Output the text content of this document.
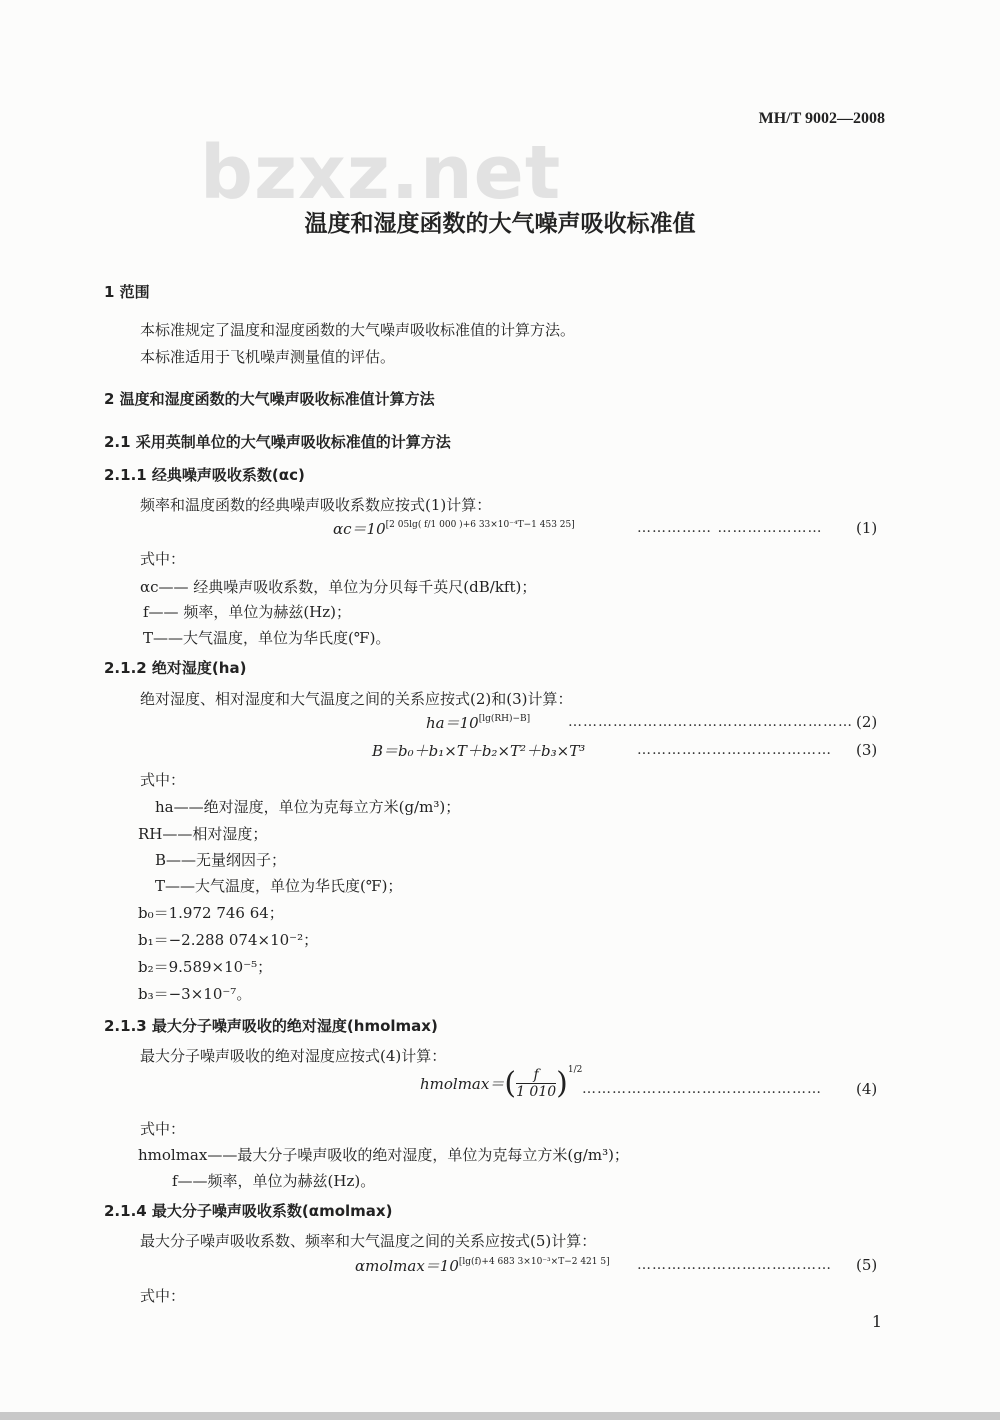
MH/T 9002—2008
bzxz.net
温度和湿度函数的大气噪声吸收标准值
1 范围
本标准规定了温度和湿度函数的大气噪声吸收标准值的计算方法。
本标准适用于飞机噪声测量值的评估。
2 温度和湿度函数的大气噪声吸收标准值计算方法
2.1 采用英制单位的大气噪声吸收标准值的计算方法
2.1.1 经典噪声吸收系数(αc)
频率和温度函数的经典噪声吸收系数应按式(1)计算：
αc＝10[2 05lg( f/1 000 )+6 33×10⁻⁴T−1 453 25]	…………… ………………… (1)
式中：
αc—— 经典噪声吸收系数，单位为分贝每千英尺(dB/kft)；
f—— 频率，单位为赫兹(Hz)；
T——大气温度，单位为华氏度(℉)。
2.1.2 绝对湿度(ha)
绝对湿度、相对湿度和大气温度之间的关系应按式(2)和(3)计算：
ha＝10[lg(RH)−B]	………………………………………………… (2)
B＝b₀＋b₁×T＋b₂×T²＋b₃×T³	………………………………… (3)
式中：
ha——绝对湿度，单位为克每立方米(g/m³)；
RH——相对湿度；
B——无量纲因子；
T——大气温度，单位为华氏度(℉)；
b₀＝1.972 746 64；
b₁＝−2.288 074×10⁻²；
b₂＝9.589×10⁻⁵；
b₃＝−3×10⁻⁷。
2.1.3 最大分子噪声吸收的绝对湿度(hmolmax)
最大分子噪声吸收的绝对湿度应按式(4)计算：
hmolmax＝( $\frac{f}{1 010} )^{1/2}$
………………………………………… (4)
式中：
hmolmax——最大分子噪声吸收的绝对湿度，单位为克每立方米(g/m³)；
f——频率，单位为赫兹(Hz)。
2.1.4 最大分子噪声吸收系数(αmolmax)
最大分子噪声吸收系数、频率和大气温度之间的关系应按式(5)计算：
αmolmax＝10[lg(f)+4 683 3×10⁻³×T−2 421 5] ………………………………… (5)
式中：
1
